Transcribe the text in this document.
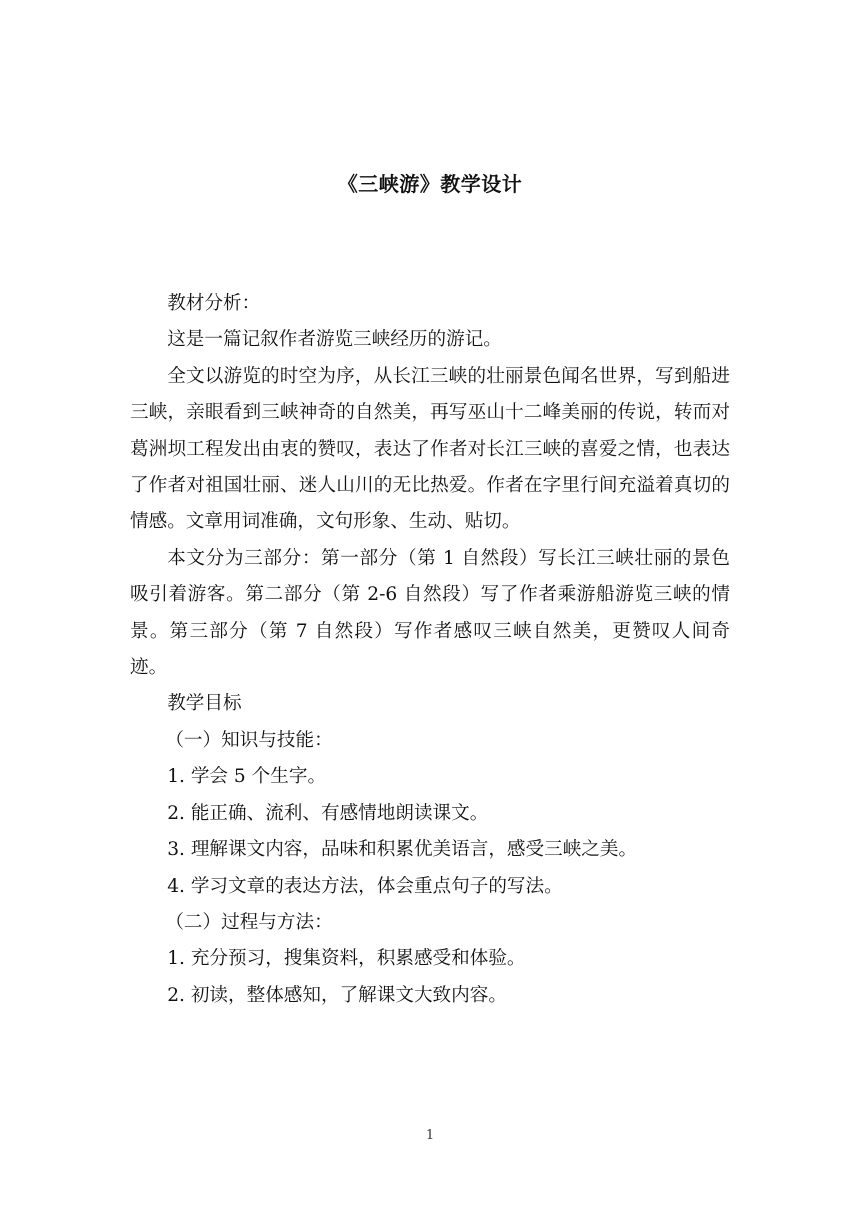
《三峡游》教学设计

教材分析：

这是一篇记叙作者游览三峡经历的游记。

全文以游览的时空为序，从长江三峡的壮丽景色闻名世界，写到船进三峡，亲眼看到三峡神奇的自然美，再写巫山十二峰美丽的传说，转而对葛洲坝工程发出由衷的赞叹，表达了作者对长江三峡的喜爱之情，也表达了作者对祖国壮丽、迷人山川的无比热爱。作者在字里行间充溢着真切的情感。文章用词准确，文句形象、生动、贴切。

本文分为三部分：第一部分（第 1 自然段）写长江三峡壮丽的景色吸引着游客。第二部分（第 2-6 自然段）写了作者乘游船游览三峡的情景。第三部分（第 7 自然段）写作者感叹三峡自然美，更赞叹人间奇迹。

教学目标

（一）知识与技能：

1. 学会 5 个生字。

2. 能正确、流利、有感情地朗读课文。

3. 理解课文内容，品味和积累优美语言，感受三峡之美。

4. 学习文章的表达方法，体会重点句子的写法。

（二）过程与方法：

1. 充分预习，搜集资料，积累感受和体验。

2. 初读，整体感知，了解课文大致内容。

1
